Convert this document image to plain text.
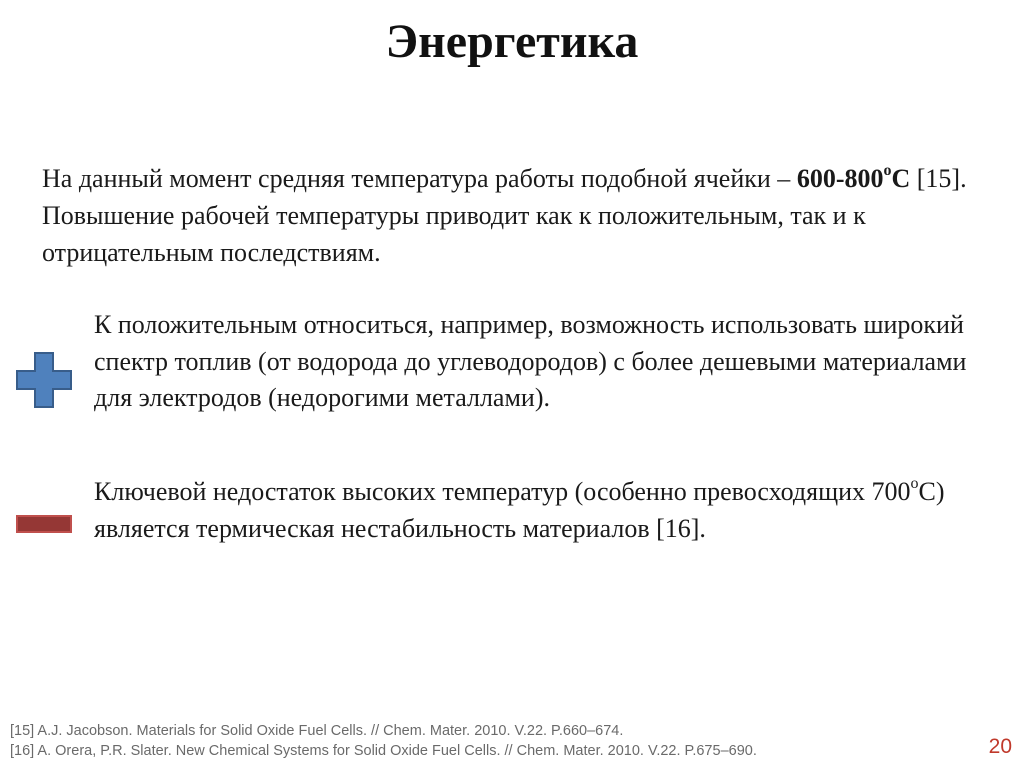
Энергетика
На данный момент средняя температура работы подобной ячейки – 600-800$^o$С [15]. Повышение рабочей температуры приводит как к положительным, так и к отрицательным последствиям.
К положительным относиться, например, возможность использовать широкий спектр топлив (от водорода до углеводородов) с более дешевыми материалами для электродов (недорогими металлами).
Ключевой недостаток высоких температур (особенно превосходящих 700$^o$С) является термическая нестабильность материалов [16].
[15] A.J. Jacobson. Materials for Solid Oxide Fuel Cells. // Chem. Mater. 2010. V.22. P.660–674.
[16] A. Orera, P.R. Slater. New Chemical Systems for Solid Oxide Fuel Cells. // Chem. Mater. 2010. V.22. P.675–690.	20
